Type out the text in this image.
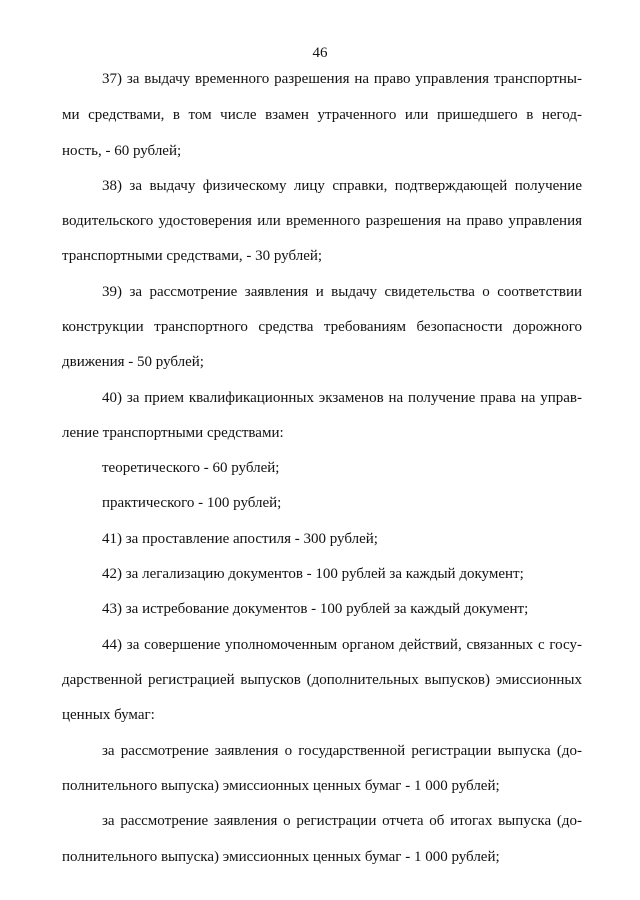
46
37) за выдачу временного разрешения на право управления транспортны-
ми средствами, в том числе взамен утраченного или пришедшего в негод-
ность, - 60 рублей;
38) за выдачу физическому лицу справки, подтверждающей получение
водительского удостоверения или временного разрешения на право управления
транспортными средствами, - 30 рублей;
39) за рассмотрение заявления и выдачу свидетельства о соответствии
конструкции транспортного средства требованиям безопасности дорожного
движения - 50 рублей;
40) за прием квалификационных экзаменов на получение права на управ-
ление транспортными средствами:
теоретического - 60 рублей;
практического - 100 рублей;
41) за проставление апостиля - 300 рублей;
42) за легализацию документов - 100 рублей за каждый документ;
43) за истребование документов - 100 рублей за каждый документ;
44) за совершение уполномоченным органом действий, связанных с госу-
дарственной регистрацией выпусков (дополнительных выпусков) эмиссионных
ценных бумаг:
за рассмотрение заявления о государственной регистрации выпуска (до-
полнительного выпуска) эмиссионных ценных бумаг - 1 000 рублей;
за рассмотрение заявления о регистрации отчета об итогах выпуска (до-
полнительного выпуска) эмиссионных ценных бумаг - 1 000 рублей;
